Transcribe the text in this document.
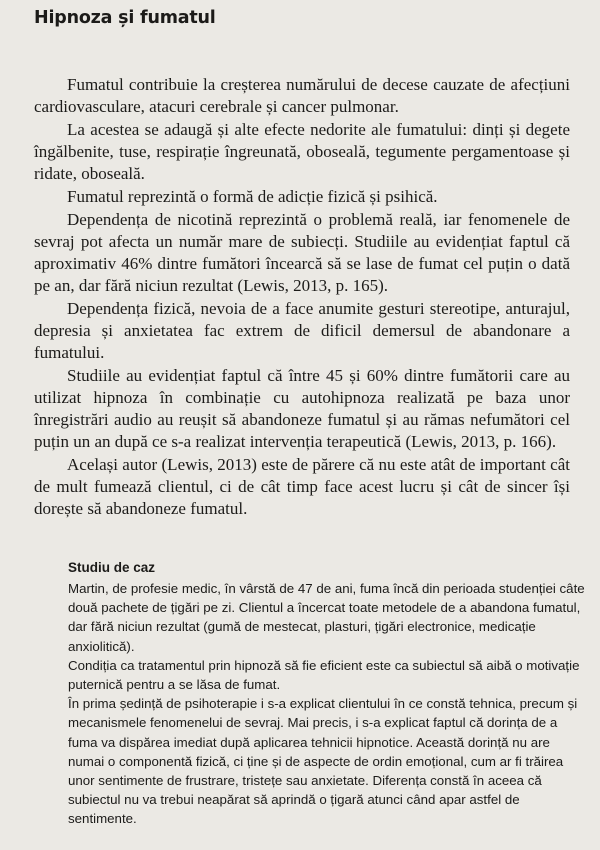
Hipnoza și fumatul

Fumatul contribuie la creșterea numărului de decese cauzate de afecțiuni cardiovasculare, atacuri cerebrale și cancer pulmonar.

La acestea se adaugă și alte efecte nedorite ale fumatului: dinți și degete îngălbenite, tuse, respirație îngreunată, oboseală, tegumente pergamentoase și ridate, oboseală.

Fumatul reprezintă o formă de adicție fizică și psihică.

Dependența de nicotină reprezintă o problemă reală, iar fenomenele de sevraj pot afecta un număr mare de subiecți. Studiile au evidențiat faptul că aproximativ 46% dintre fumători încearcă să se lase de fumat cel puțin o dată pe an, dar fără niciun rezultat (Lewis, 2013, p. 165).

Dependența fizică, nevoia de a face anumite gesturi stereotipe, anturajul, depresia și anxietatea fac extrem de dificil demersul de abandonare a fumatului.

Studiile au evidențiat faptul că între 45 și 60% dintre fumătorii care au utilizat hipnoza în combinație cu autohipnoza realizată pe baza unor înregistrări audio au reușit să abandoneze fumatul și au rămas nefumători cel puțin un an după ce s-a realizat intervenția terapeutică (Lewis, 2013, p. 166).

Același autor (Lewis, 2013) este de părere că nu este atât de important cât de mult fumează clientul, ci de cât timp face acest lucru și cât de sincer își dorește să abandoneze fumatul.

Studiu de caz

Martin, de profesie medic, în vârstă de 47 de ani, fuma încă din perioada studenției câte două pachete de țigări pe zi. Clientul a încercat toate metodele de a abandona fumatul, dar fără niciun rezultat (gumă de mestecat, plasturi, țigări electronice, medicație anxiolitică).

Condiția ca tratamentul prin hipnoză să fie eficient este ca subiectul să aibă o motivație puternică pentru a se lăsa de fumat.

În prima ședință de psihoterapie i s-a explicat clientului în ce constă tehnica, precum și mecanismele fenomenelui de sevraj. Mai precis, i s-a explicat faptul că dorința de a fuma va dispărea imediat după aplicarea tehnicii hipnotice. Această dorință nu are numai o componentă fizică, ci ține și de aspecte de ordin emoțional, cum ar fi trăirea unor sentimente de frustrare, tristețe sau anxietate. Diferența constă în aceea că subiectul nu va trebui neapărat să aprindă o țigară atunci când apar astfel de sentimente.
